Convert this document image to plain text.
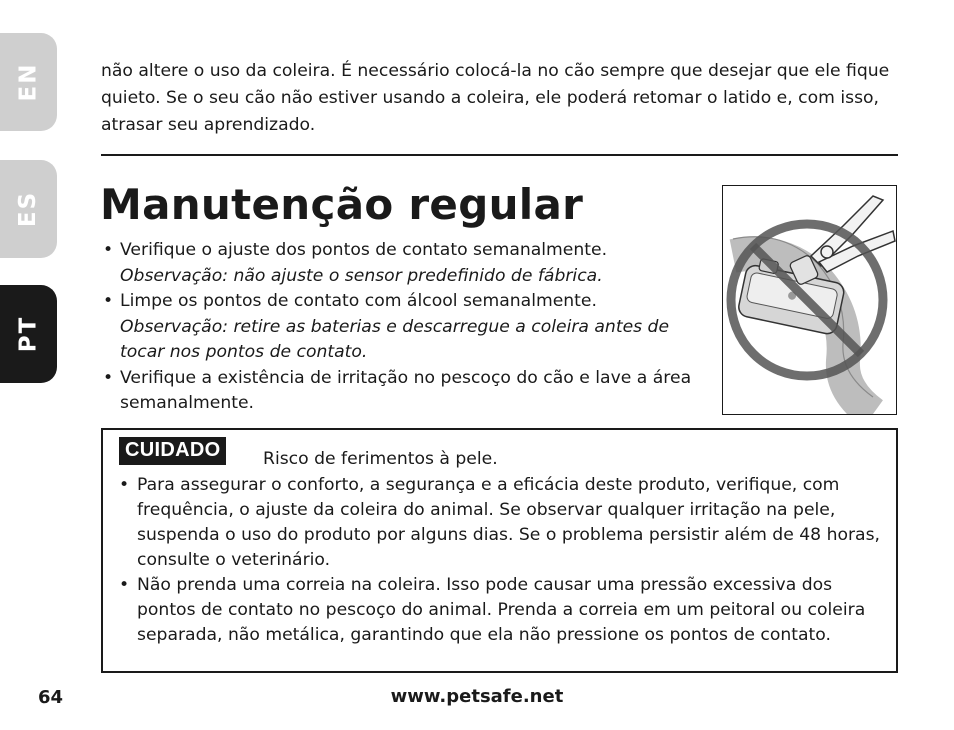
EN
ES
PT

não altere o uso da coleira. É necessário colocá-la no cão sempre que desejar que ele fique quieto. Se o seu cão não estiver usando a coleira, ele poderá retomar o latido e, com isso, atrasar seu aprendizado.

Manutenção regular
• Verifique o ajuste dos pontos de contato semanalmente.
Observação: não ajuste o sensor predefinido de fábrica.
• Limpe os pontos de contato com álcool semanalmente.
Observação: retire as baterias e descarregue a coleira antes de tocar nos pontos de contato.
• Verifique a existência de irritação no pescoço do cão e lave a área semanalmente.
CUIDADO	Risco de ferimentos à pele.

• Para assegurar o conforto, a segurança e a eficácia deste produto, verifique, com frequência, o ajuste da coleira do animal. Se observar qualquer irritação na pele, suspenda o uso do produto por alguns dias. Se o problema persistir além de 48 horas, consulte o veterinário.
• Não prenda uma correia na coleira. Isso pode causar uma pressão excessiva dos pontos de contato no pescoço do animal. Prenda a correia em um peitoral ou coleira separada, não metálica, garantindo que ela não pressione os pontos de contato.
64	www.petsafe.net
